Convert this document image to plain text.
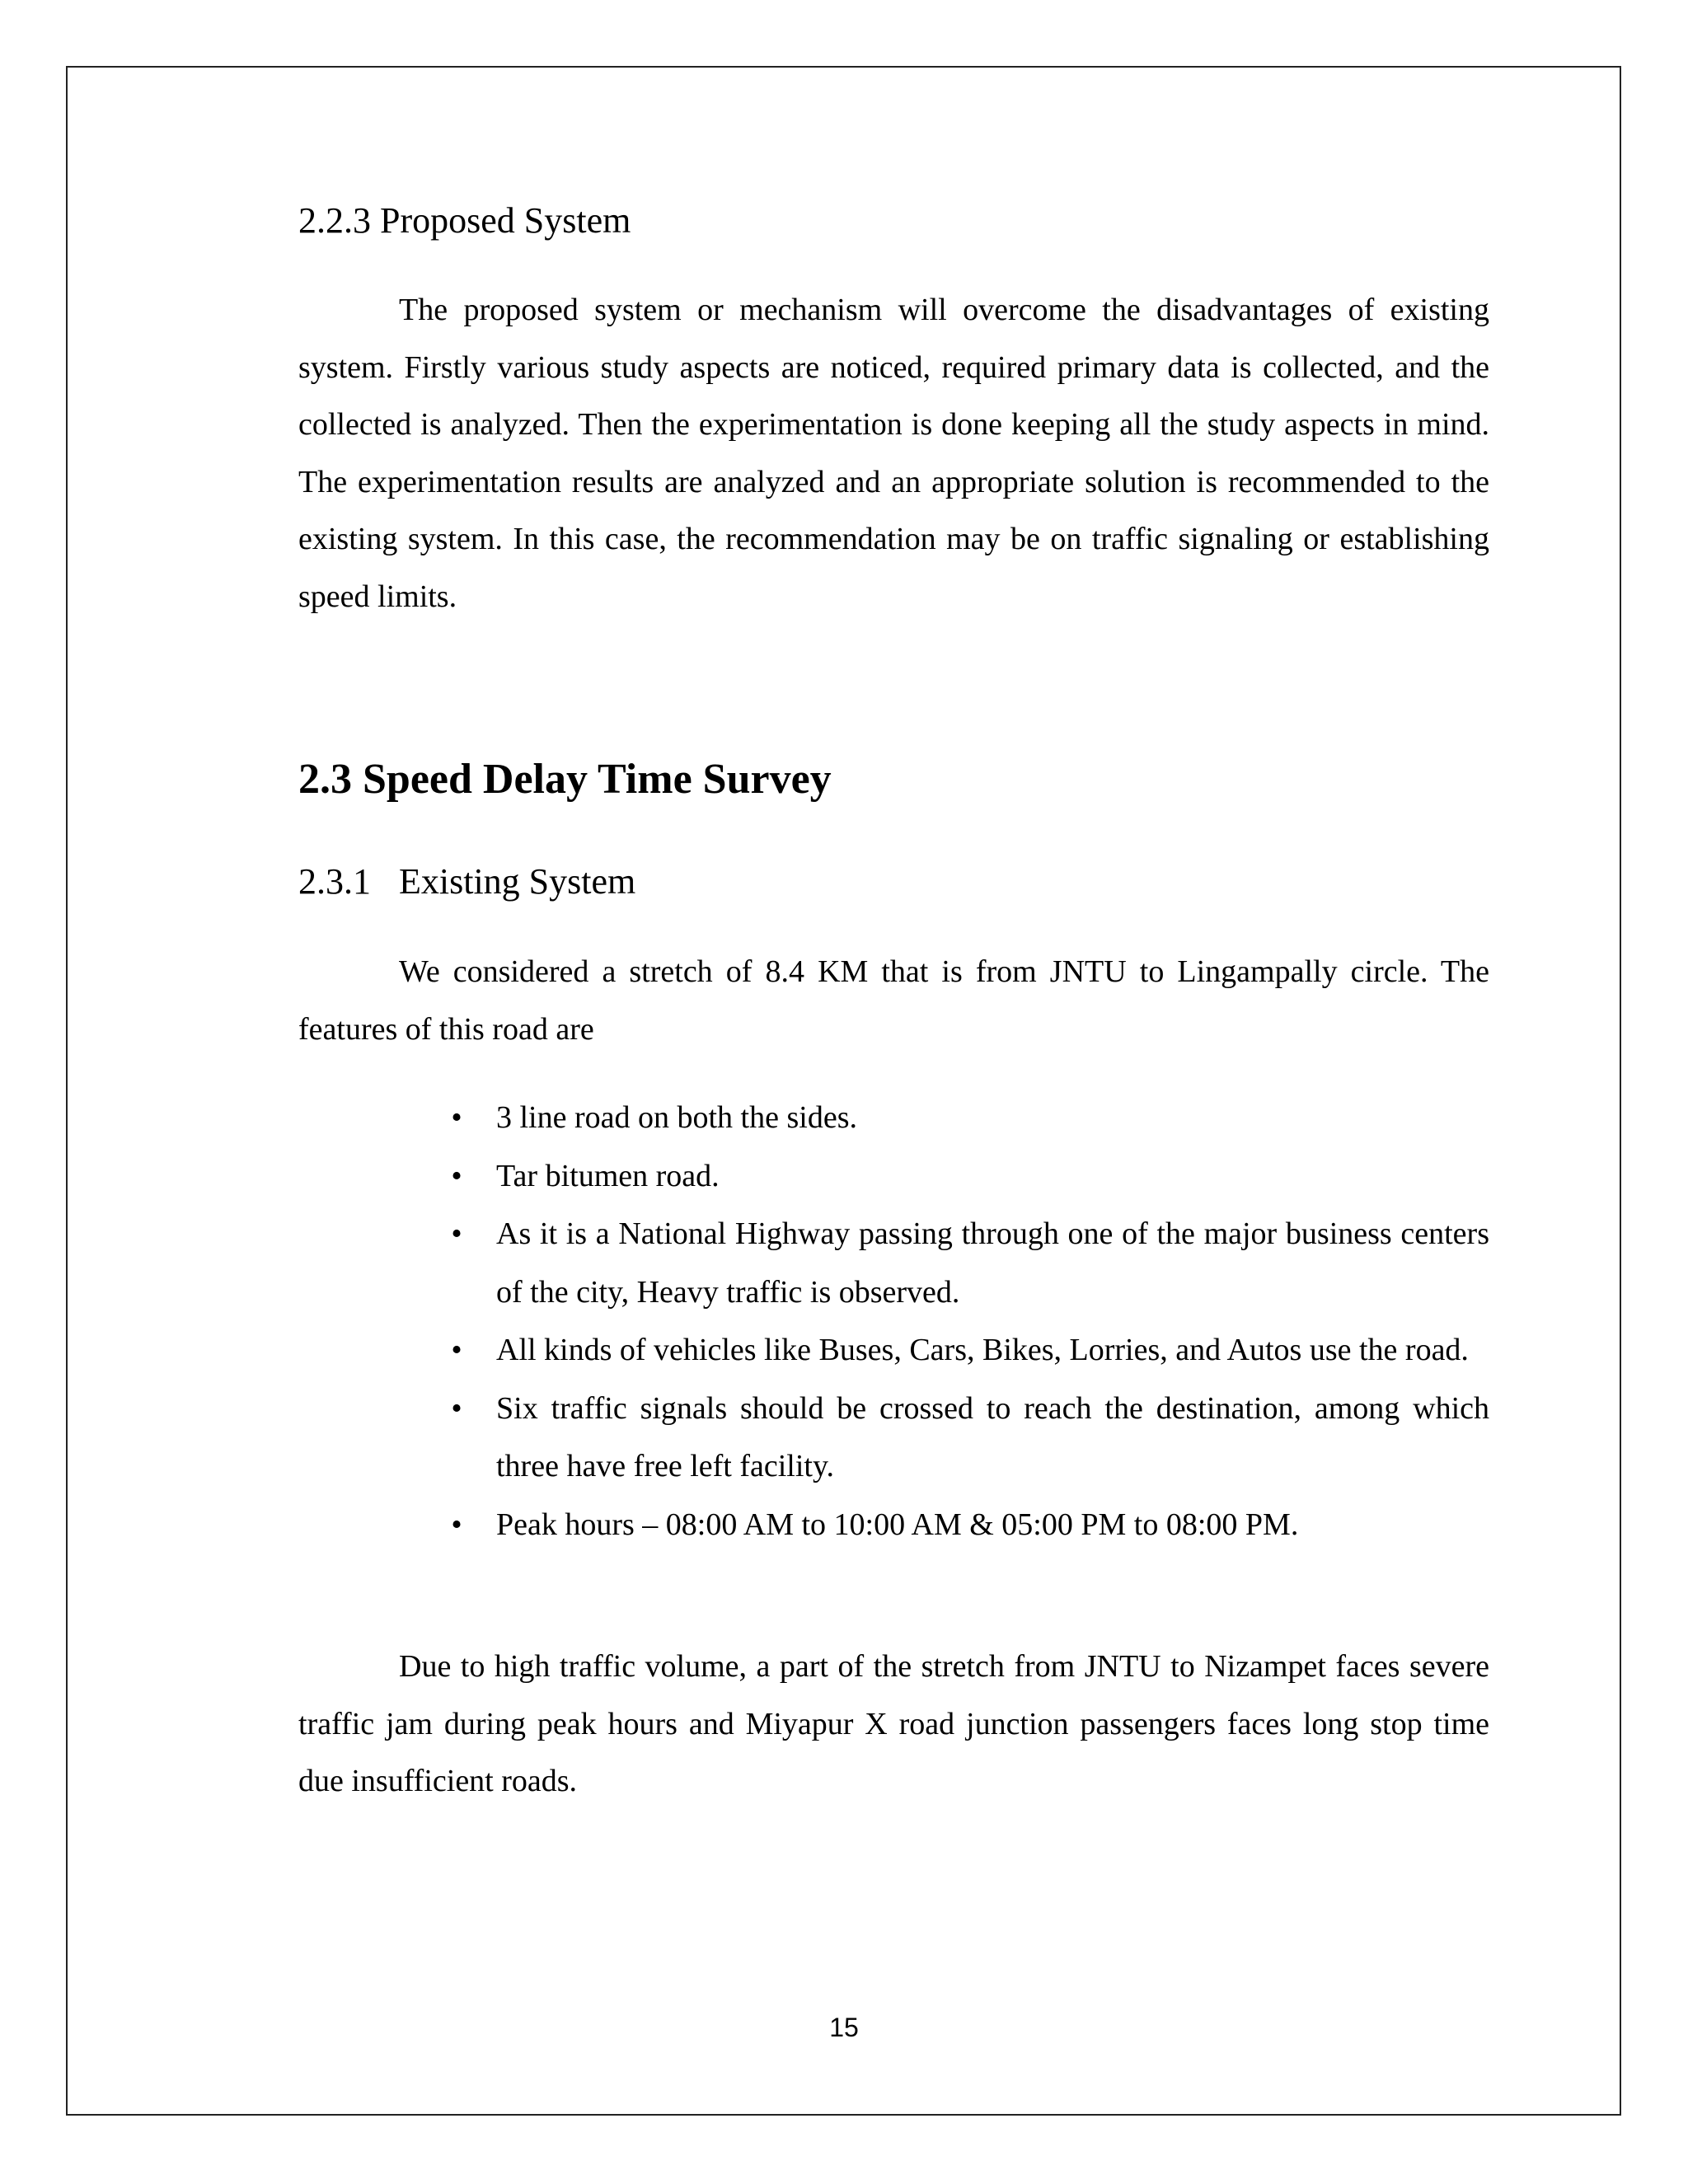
2.2.3 Proposed System

The proposed system or mechanism will overcome the disadvantages of existing system. Firstly various study aspects are noticed, required primary data is collected, and the collected is analyzed. Then the experimentation is done keeping all the study aspects in mind. The experimentation results are analyzed and an appropriate solution is recommended to the existing system. In this case, the recommendation may be on traffic signaling or establishing speed limits.

2.3 Speed Delay Time Survey
2.3.1 Existing System

We considered a stretch of 8.4 KM that is from JNTU to Lingampally circle. The features of this road are

• 3 line road on both the sides.
• Tar bitumen road.
• As it is a National Highway passing through one of the major business centers of the city, Heavy traffic is observed.
• All kinds of vehicles like Buses, Cars, Bikes, Lorries, and Autos use the road.
• Six traffic signals should be crossed to reach the destination, among which three have free left facility.
• Peak hours – 08:00 AM to 10:00 AM & 05:00 PM to 08:00 PM.

Due to high traffic volume, a part of the stretch from JNTU to Nizampet faces severe traffic jam during peak hours and Miyapur X road junction passengers faces long stop time due insufficient roads.

15
